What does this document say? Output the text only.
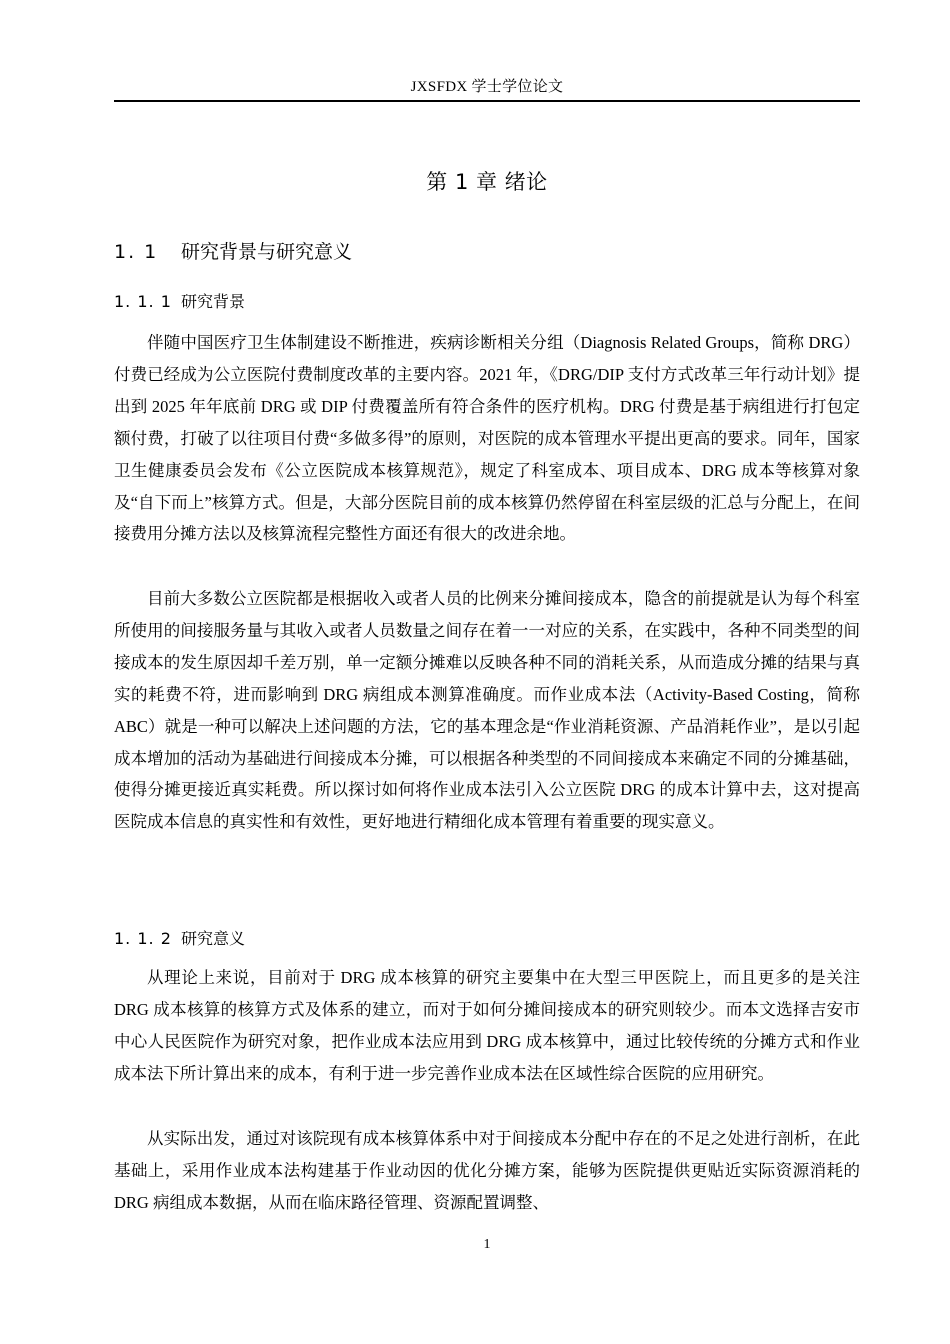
JXSFDX 学士学位论文
第 1 章 绪论
1. 1	研究背景与研究意义
1. 1. 1 研究背景

伴随中国医疗卫生体制建设不断推进，疾病诊断相关分组（Diagnosis Related Groups，简称 DRG）付费已经成为公立医院付费制度改革的主要内容。2021 年，《DRG/DIP 支付方式改革三年行动计划》提出到 2025 年年底前 DRG 或 DIP 付费覆盖所有符合条件的医疗机构。DRG 付费是基于病组进行打包定额付费，打破了以往项目付费“多做多得”的原则，对医院的成本管理水平提出更高的要求。同年，国家卫生健康委员会发布《公立医院成本核算规范》，规定了科室成本、项目成本、DRG 成本等核算对象及“自下而上”核算方式。但是，大部分医院目前的成本核算仍然停留在科室层级的汇总与分配上，在间接费用分摊方法以及核算流程完整性方面还有很大的改进余地。

目前大多数公立医院都是根据收入或者人员的比例来分摊间接成本，隐含的前提就是认为每个科室所使用的间接服务量与其收入或者人员数量之间存在着一一对应的关系，在实践中，各种不同类型的间接成本的发生原因却千差万别，单一定额分摊难以反映各种不同的消耗关系，从而造成分摊的结果与真实的耗费不符，进而影响到 DRG 病组成本测算准确度。而作业成本法（Activity-Based Costing，简称 ABC）就是一种可以解决上述问题的方法，它的基本理念是“作业消耗资源、产品消耗作业”，是以引起成本增加的活动为基础进行间接成本分摊，可以根据各种类型的不同间接成本来确定不同的分摊基础，使得分摊更接近真实耗费。所以探讨如何将作业成本法引入公立医院 DRG 的成本计算中去，这对提高医院成本信息的真实性和有效性，更好地进行精细化成本管理有着重要的现实意义。

1. 1. 2 研究意义

从理论上来说，目前对于 DRG 成本核算的研究主要集中在大型三甲医院上，而且更多的是关注 DRG 成本核算的核算方式及体系的建立，而对于如何分摊间接成本的研究则较少。而本文选择吉安市中心人民医院作为研究对象，把作业成本法应用到 DRG 成本核算中，通过比较传统的分摊方式和作业成本法下所计算出来的成本，有利于进一步完善作业成本法在区域性综合医院的应用研究。

从实际出发，通过对该院现有成本核算体系中对于间接成本分配中存在的不足之处进行剖析，在此基础上，采用作业成本法构建基于作业动因的优化分摊方案，能够为医院提供更贴近实际资源消耗的 DRG 病组成本数据，从而在临床路径管理、资源配置调整、

1
